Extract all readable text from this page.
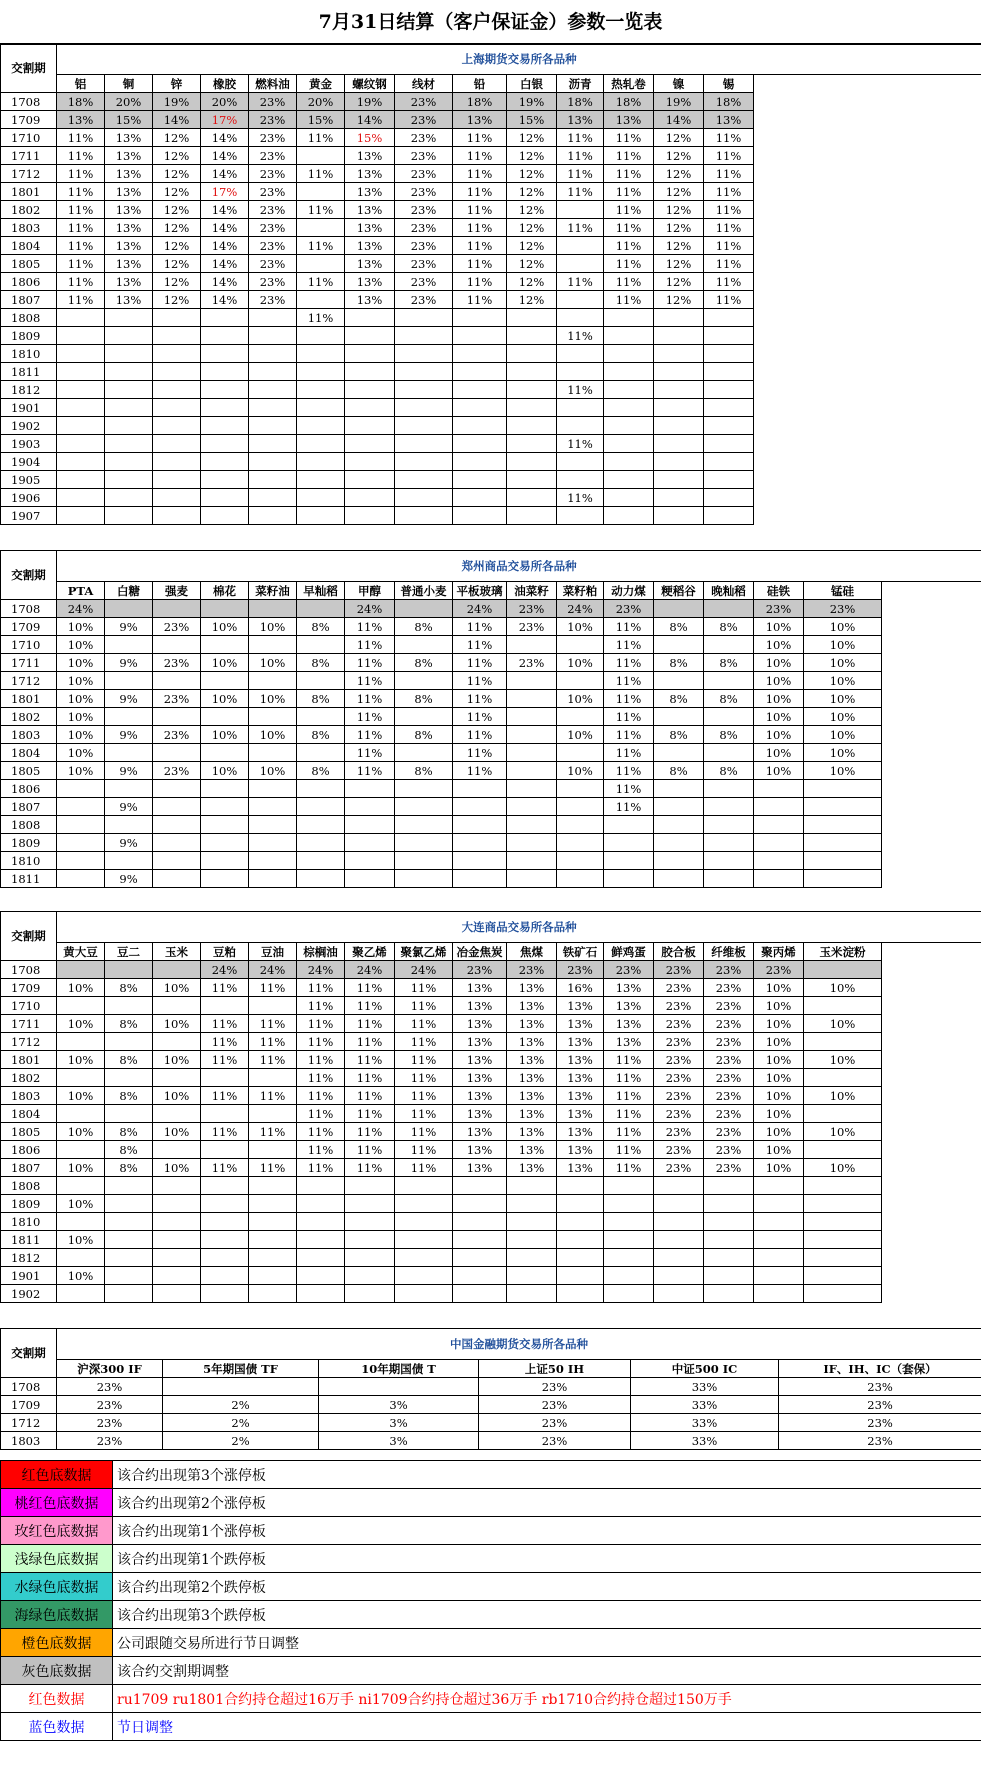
7月31日结算（客户保证金）参数一览表
交割期	上海期货交易所各品种														
	铝	铜	锌	橡胶	燃料油	黄金	螺纹钢	线材	铅	白银	沥青	热轧卷	镍	锡	
1708	18%	20%	19%	20%	23%	20%	19%	23%	18%	19%	18%	18%	19%	18%	
1709	13%	15%	14%	17%	23%	15%	14%	23%	13%	15%	13%	13%	14%	13%	
1710	11%	13%	12%	14%	23%	11%	15%	23%	11%	12%	11%	11%	12%	11%	
1711	11%	13%	12%	14%	23%		13%	23%	11%	12%	11%	11%	12%	11%	
1712	11%	13%	12%	14%	23%	11%	13%	23%	11%	12%	11%	11%	12%	11%	
1801	11%	13%	12%	17%	23%		13%	23%	11%	12%	11%	11%	12%	11%	
1802	11%	13%	12%	14%	23%	11%	13%	23%	11%	12%		11%	12%	11%	
1803	11%	13%	12%	14%	23%		13%	23%	11%	12%	11%	11%	12%	11%	
1804	11%	13%	12%	14%	23%	11%	13%	23%	11%	12%		11%	12%	11%	
1805	11%	13%	12%	14%	23%		13%	23%	11%	12%		11%	12%	11%	
1806	11%	13%	12%	14%	23%	11%	13%	23%	11%	12%	11%	11%	12%	11%	
1807	11%	13%	12%	14%	23%		13%	23%	11%	12%		11%	12%	11%	
1808						11%									
1809											11%				
1810															
1811															
1812											11%				
1901															
1902															
1903											11%				
1904															
1905															
1906											11%				
1907															
交割期	郑州商品交易所各品种																
	PTA	白糖	强麦	棉花	菜籽油	早籼稻	甲醇	普通小麦	平板玻璃	油菜籽	菜籽粕	动力煤	粳稻谷	晚籼稻	硅铁	锰硅	
1708	24%						24%		24%	23%	24%	23%			23%	23%	
1709	10%	9%	23%	10%	10%	8%	11%	8%	11%	23%	10%	11%	8%	8%	10%	10%	
1710	10%						11%		11%			11%			10%	10%	
1711	10%	9%	23%	10%	10%	8%	11%	8%	11%	23%	10%	11%	8%	8%	10%	10%	
1712	10%						11%		11%			11%			10%	10%	
1801	10%	9%	23%	10%	10%	8%	11%	8%	11%		10%	11%	8%	8%	10%	10%	
1802	10%						11%		11%			11%			10%	10%	
1803	10%	9%	23%	10%	10%	8%	11%	8%	11%		10%	11%	8%	8%	10%	10%	
1804	10%						11%		11%			11%			10%	10%	
1805	10%	9%	23%	10%	10%	8%	11%	8%	11%		10%	11%	8%	8%	10%	10%	
1806												11%					
1807		9%										11%					
1808																	
1809		9%															
1810																	
1811		9%															
交割期	大连商品交易所各品种																
	黄大豆	豆二	玉米	豆粕	豆油	棕榈油	聚乙烯	聚氯乙烯	冶金焦炭	焦煤	铁矿石	鲜鸡蛋	胶合板	纤维板	聚丙烯	玉米淀粉	
1708				24%	24%	24%	24%	24%	23%	23%	23%	23%	23%	23%	23%		
1709	10%	8%	10%	11%	11%	11%	11%	11%	13%	13%	16%	13%	23%	23%	10%	10%	
1710						11%	11%	11%	13%	13%	13%	13%	23%	23%	10%		
1711	10%	8%	10%	11%	11%	11%	11%	11%	13%	13%	13%	13%	23%	23%	10%	10%	
1712				11%	11%	11%	11%	11%	13%	13%	13%	13%	23%	23%	10%		
1801	10%	8%	10%	11%	11%	11%	11%	11%	13%	13%	13%	11%	23%	23%	10%	10%	
1802						11%	11%	11%	13%	13%	13%	11%	23%	23%	10%		
1803	10%	8%	10%	11%	11%	11%	11%	11%	13%	13%	13%	11%	23%	23%	10%	10%	
1804						11%	11%	11%	13%	13%	13%	11%	23%	23%	10%		
1805	10%	8%	10%	11%	11%	11%	11%	11%	13%	13%	13%	11%	23%	23%	10%	10%	
1806		8%				11%	11%	11%	13%	13%	13%	11%	23%	23%	10%		
1807	10%	8%	10%	11%	11%	11%	11%	11%	13%	13%	13%	11%	23%	23%	10%	10%	
1808																	
1809	10%																
1810																	
1811	10%																
1812																	
1901	10%																
1902																	
交割期	中国金融期货交易所各品种					
	沪深300 IF	5年期国债 TF	10年期国债 T	上证50 IH	中证500 IC	IF、IH、IC（套保）
1708	23%			23%	33%	23%
1709	23%	2%	3%	23%	33%	23%
1712	23%	2%	3%	23%	33%	23%
1803	23%	2%	3%	23%	33%	23%
红色底数据	该合约出现第3个涨停板
桃红色底数据	该合约出现第2个涨停板
玫红色底数据	该合约出现第1个涨停板
浅绿色底数据	该合约出现第1个跌停板
水绿色底数据	该合约出现第2个跌停板
海绿色底数据	该合约出现第3个跌停板
橙色底数据	公司跟随交易所进行节日调整
灰色底数据	该合约交割期调整
红色数据	ru1709 ru1801合约持仓超过16万手 ni1709合约持仓超过36万手 rb1710合约持仓超过150万手
蓝色数据	节日调整
